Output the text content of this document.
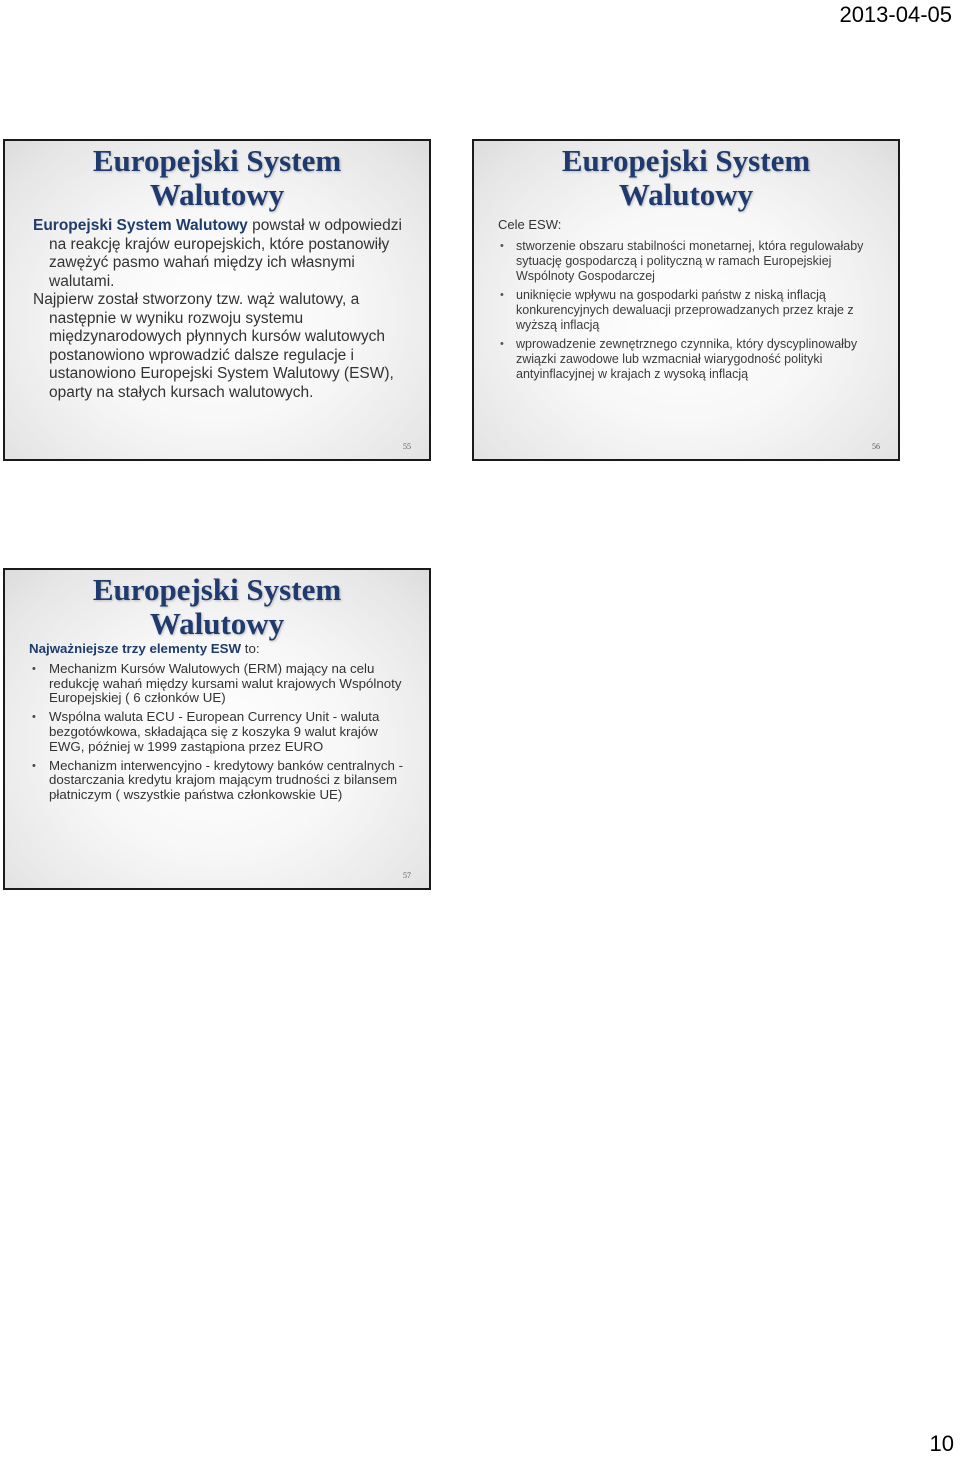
2013-04-05
Europejski System
Walutowy

Europejski System Walutowy powstał w odpowiedzi na reakcję krajów europejskich, które postanowiły zawężyć pasmo wahań między ich własnymi walutami.

Najpierw został stworzony tzw. wąż walutowy, a następnie w wyniku rozwoju systemu międzynarodowych płynnych kursów walutowych postanowiono wprowadzić dalsze regulacje i ustanowiono Europejski System Walutowy (ESW), oparty na stałych kursach walutowych.

55
Europejski System
Walutowy

Cele ESW:

• stworzenie obszaru stabilności monetarnej, która regulowałaby sytuację gospodarczą i polityczną w ramach Europejskiej Wspólnoty Gospodarczej
• uniknięcie wpływu na gospodarki państw z niską inflacją konkurencyjnych dewaluacji przeprowadzanych przez kraje z wyższą inflacją
• wprowadzenie zewnętrznego czynnika, który dyscyplinowałby związki zawodowe lub wzmacniał wiarygodność polityki antyinflacyjnej w krajach z wysoką inflacją
56
Europejski System
Walutowy

Najważniejsze trzy elementy ESW to:

• Mechanizm Kursów Walutowych (ERM) mający na celu redukcję wahań między kursami walut krajowych Wspólnoty Europejskiej ( 6 członków UE)
• Wspólna waluta ECU - European Currency Unit - waluta bezgotówkowa, składająca się z koszyka 9 walut krajów EWG, później w 1999 zastąpiona przez EURO
• Mechanizm interwencyjno - kredytowy banków centralnych - dostarczania kredytu krajom mającym trudności z bilansem płatniczym ( wszystkie państwa członkowskie UE)
57
10
